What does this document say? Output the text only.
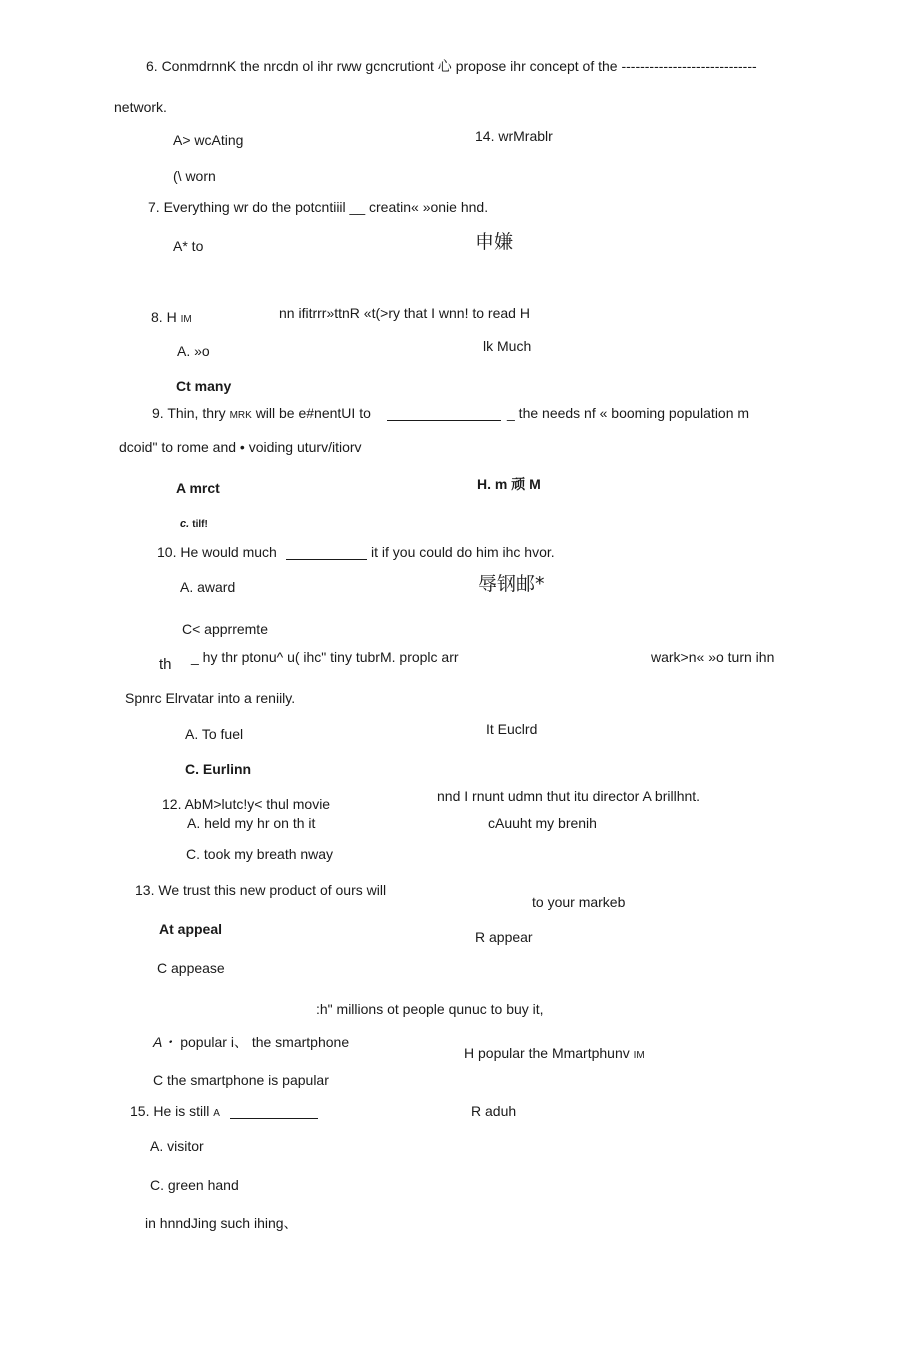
6. ConmdrnnK the nrcdn ol ihr rww gcncrutiont 心 propose ihr concept of the -----------------------------
network.
A> wcAting	14. wrMrablr
(\ worn
7. Everything wr do the potcntiiil __ creatin« »onie hnd.
A* to	申嫌
8. H IM	nn ifitrrr»ttnR «t(>ry that I wnn! to read H
A. »o	lk Much
Ct many
9. Thin, thry MRK will be e#nentUI to	_ the needs nf « booming population m
dcoid" to rome and • voiding uturv/itiorv
A mrct	H. m 顽 M
c. tilf!
10. He would much	it if you could do him ihc hvor.
A. award	辱钢邮*
C< apprremte
th _ hy thr ptonu^ u( ihc" tiny tubrM. proplc arr	wark>n« »o turn ihn
Spnrc Elrvatar into a reniily.
A. To fuel	It Euclrd
C. Eurlinn
12. AbM>lutc!y< thul movie	nnd I rnunt udmn thut itu director A brillhnt.
A. held my hr on th it	cAuuht my brenih
C. took my breath nway
13. We trust this new product of ours will
to your markeb
At appeal	R appear
C appease
:h" millions ot people qunuc to buy it,
A・ popular i、 the smartphone
H popular the Mmartphunv IM
C the smartphone is papular
15. He is still A	R aduh
A. visitor
C. green hand
in hnndJing such ihing、
